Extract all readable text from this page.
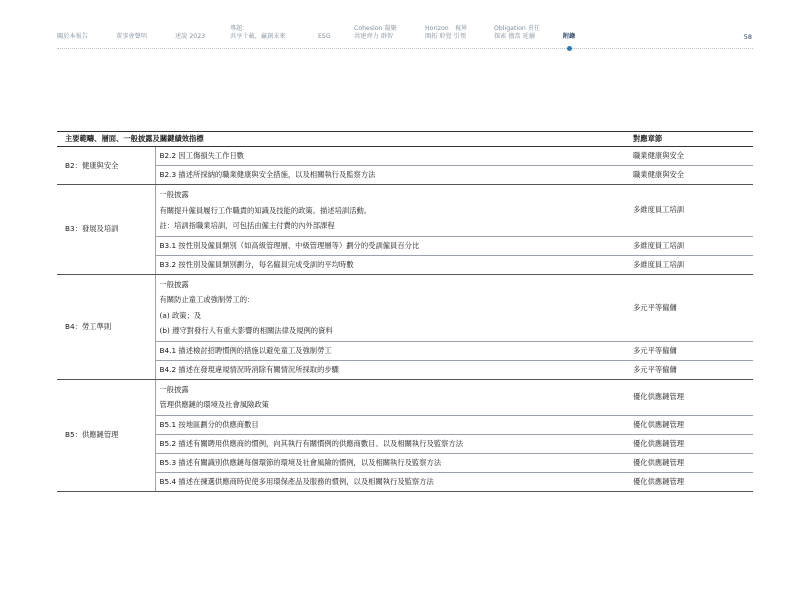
關於本報告	董事會聲明	述說 2023
專題：
共享十載，贏創未來	ESG
Cohesion 凝聚
共建齊力 群智
Horizon　視界
開拓 聆覺 引領
Obligation 責任
探索 擔當 延續	附錄	58
主要範疇、層面、一般披露及關鍵績效指標		對應章節
B2：健康與安全	B2.2 因工傷損失工作日數	職業健康與安全
	B2.3 描述所採納的職業健康與安全措施，以及相關執行及監察方法	職業健康與安全
B3：發展及培訓	一般披露
有關提升僱員履行工作職責的知識及技能的政策。描述培訓活動。
註：培訓指職業培訓，可包括由僱主付費的內外部課程	多維度員工培訓
	B3.1 按性別及僱員類別（如高級管理層、中級管理層等）劃分的受訓僱員百分比	多維度員工培訓
	B3.2 按性別及僱員類別劃分，每名僱員完成受訓的平均時數	多維度員工培訓
B4：勞工準則	一般披露
有關防止童工或強制勞工的：
(a) 政策；及
(b) 遵守對發行人有重大影響的相關法律及規例的資料	多元平等僱傭
	B4.1 描述檢討招聘慣例的措施以避免童工及強制勞工	多元平等僱傭
	B4.2 描述在發現違規情況時消除有關情況所採取的步驟	多元平等僱傭
B5：供應鏈管理	一般披露
管理供應鏈的環境及社會風險政策	優化供應鏈管理
	B5.1 按地區劃分的供應商數目	優化供應鏈管理
	B5.2 描述有關聘用供應商的慣例，向其執行有關慣例的供應商數目、以及相關執行及監察方法	優化供應鏈管理
	B5.3 描述有關識別供應鏈每個環節的環境及社會風險的慣例，以及相關執行及監察方法	優化供應鏈管理
	B5.4 描述在揀選供應商時促使多用環保產品及服務的慣例，以及相關執行及監察方法	優化供應鏈管理
